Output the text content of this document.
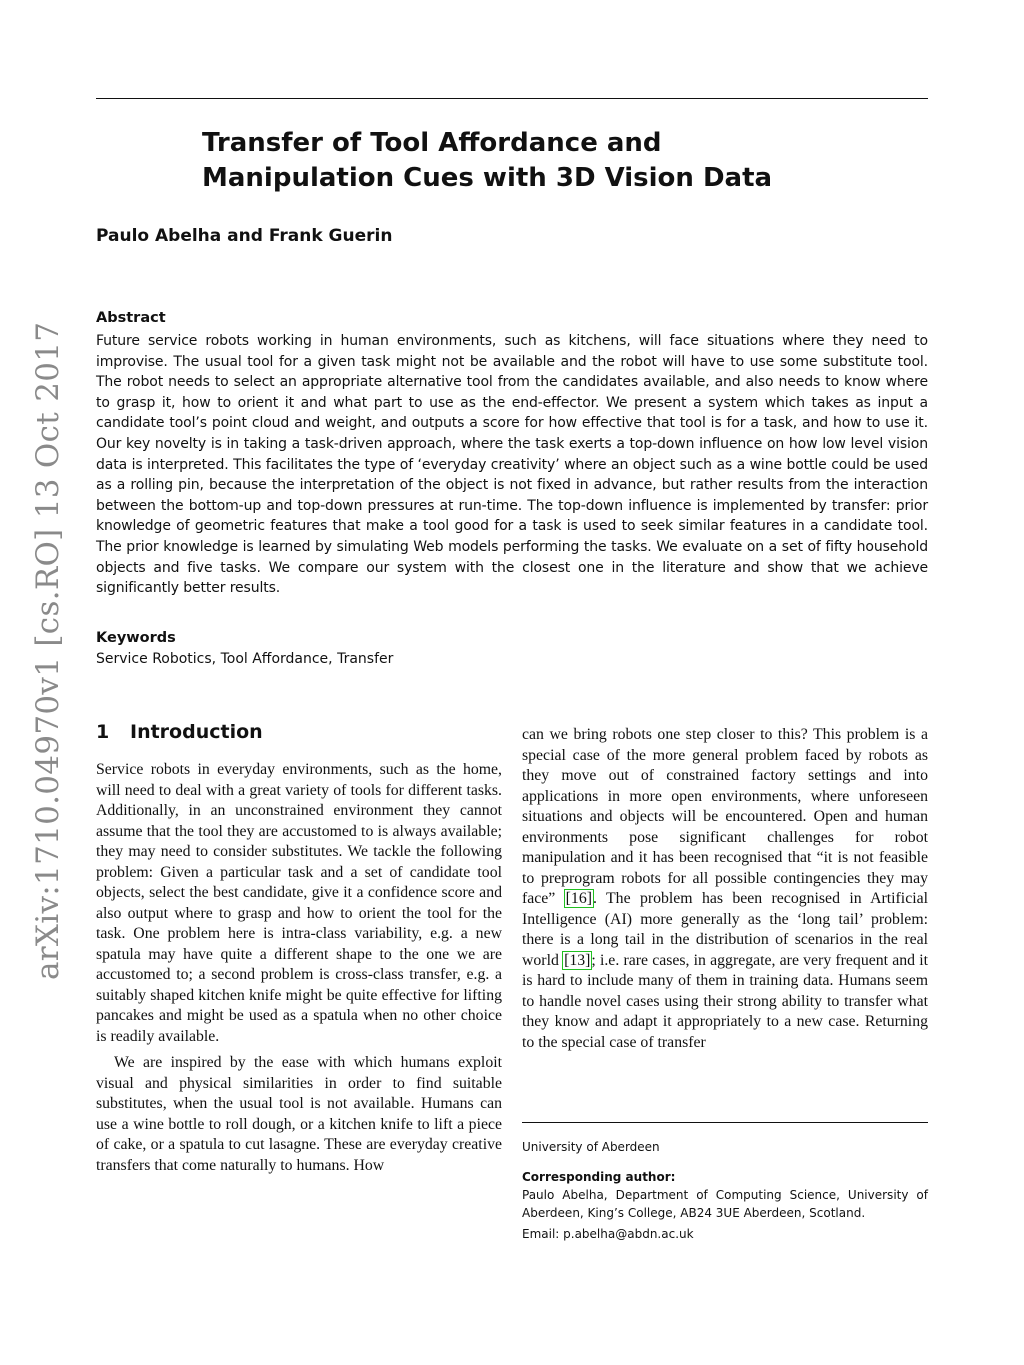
arXiv:1710.04970v1 [cs.RO] 13 Oct 2017
Transfer of Tool Affordance and
Manipulation Cues with 3D Vision Data
Paulo Abelha and Frank Guerin
Abstract

Future service robots working in human environments, such as kitchens, will face situations where they need to improvise. The usual tool for a given task might not be available and the robot will have to use some substitute tool. The robot needs to select an appropriate alternative tool from the candidates available, and also needs to know where to grasp it, how to orient it and what part to use as the end-effector. We present a system which takes as input a candidate tool’s point cloud and weight, and outputs a score for how effective that tool is for a task, and how to use it. Our key novelty is in taking a task-driven approach, where the task exerts a top-down influence on how low level vision data is interpreted. This facilitates the type of ‘everyday creativity’ where an object such as a wine bottle could be used as a rolling pin, because the interpretation of the object is not fixed in advance, but rather results from the interaction between the bottom-up and top-down pressures at run-time. The top-down influence is implemented by transfer: prior knowledge of geometric features that make a tool good for a task is used to seek similar features in a candidate tool. The prior knowledge is learned by simulating Web models performing the tasks. We evaluate on a set of fifty household objects and five tasks. We compare our system with the closest one in the literature and show that we achieve significantly better results.

Keywords
Service Robotics, Tool Affordance, Transfer
1 Introduction

Service robots in everyday environments, such as the home, will need to deal with a great variety of tools for different tasks. Additionally, in an unconstrained environment they cannot assume that the tool they are accustomed to is always available; they may need to consider substitutes. We tackle the following problem: Given a particular task and a set of candidate tool objects, select the best candidate, give it a confidence score and also output where to grasp and how to orient the tool for the task. One problem here is intra-class variability, e.g. a new spatula may have quite a different shape to the one we are accustomed to; a second problem is cross-class transfer, e.g. a suitably shaped kitchen knife might be quite effective for lifting pancakes and might be used as a spatula when no other choice is readily available.

We are inspired by the ease with which humans exploit visual and physical similarities in order to find suitable substitutes, when the usual tool is not available. Humans can use a wine bottle to roll dough, or a kitchen knife to lift a piece of cake, or a spatula to cut lasagne. These are everyday creative transfers that come naturally to humans. How

can we bring robots one step closer to this? This problem is a special case of the more general problem faced by robots as they move out of constrained factory settings and into applications in more open environments, where unforeseen situations and objects will be encountered. Open and human environments pose significant challenges for robot manipulation and it has been recognised that “it is not feasible to preprogram robots for all possible contingencies they may face” [16]. The problem has been recognised in Artificial Intelligence (AI) more generally as the ‘long tail’ problem: there is a long tail in the distribution of scenarios in the real world [13]; i.e. rare cases, in aggregate, are very frequent and it is hard to include many of them in training data. Humans seem to handle novel cases using their strong ability to transfer what they know and adapt it appropriately to a new case. Returning to the special case of transfer

University of Aberdeen

Corresponding author:

Paulo Abelha, Department of Computing Science, University of Aberdeen, King’s College, AB24 3UE Aberdeen, Scotland.

Email: p.abelha@abdn.ac.uk
